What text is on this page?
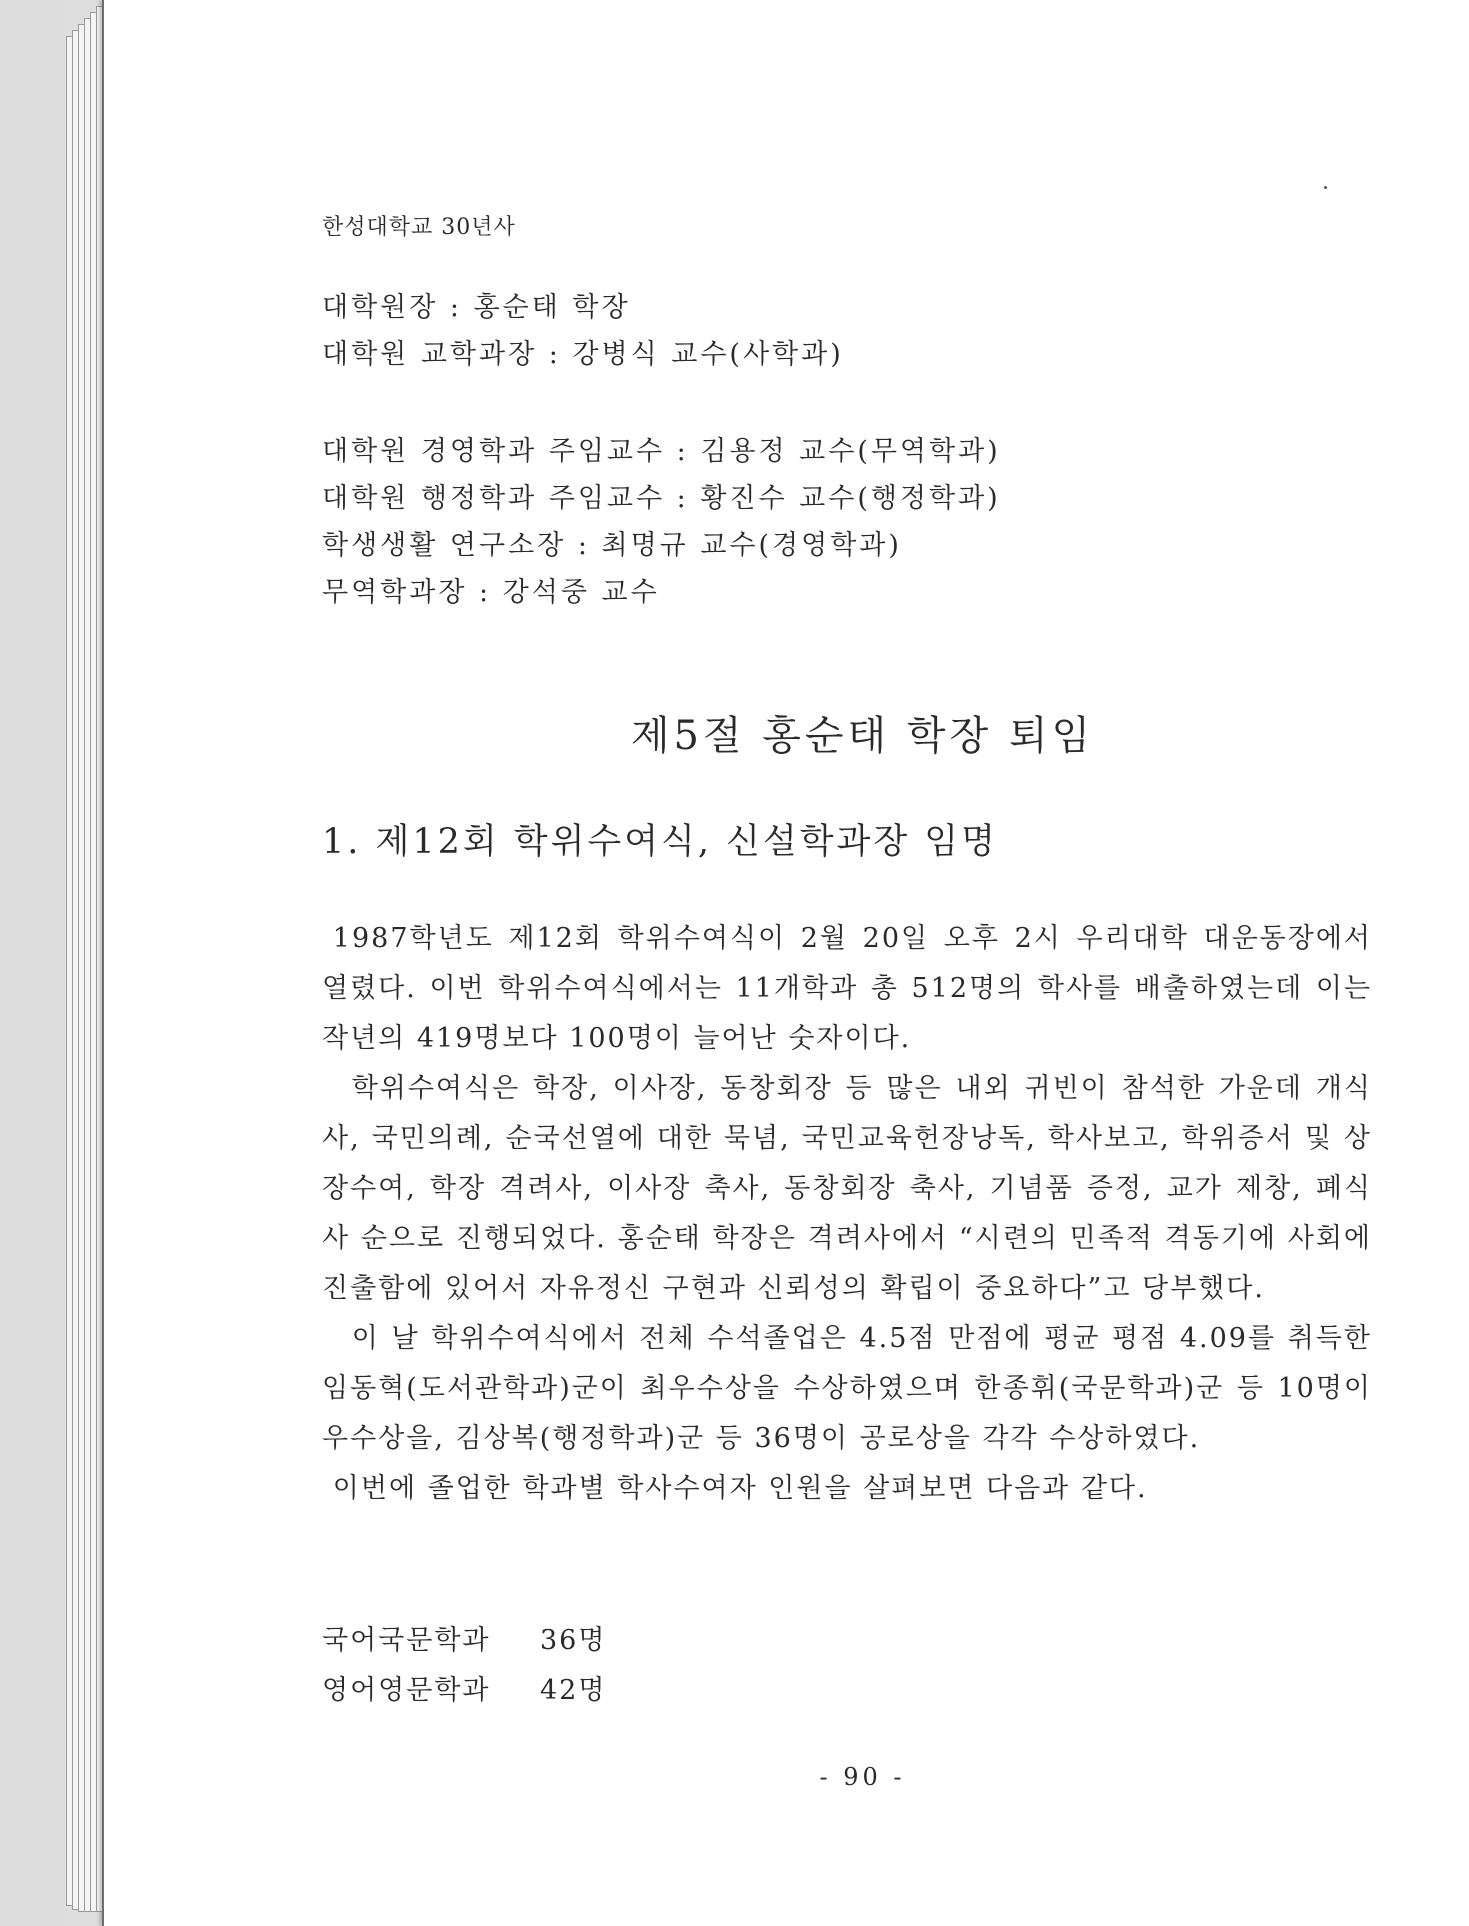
한성대학교 30년사
대학원장 : 홍순태 학장
대학원 교학과장 : 강병식 교수(사학과)
대학원 경영학과 주임교수 : 김용정 교수(무역학과)
대학원 행정학과 주임교수 : 황진수 교수(행정학과)
학생생활 연구소장 : 최명규 교수(경영학과)
무역학과장 : 강석중 교수
제5절 홍순태 학장 퇴임
1. 제12회 학위수여식, 신설학과장 임명

1987학년도 제12회 학위수여식이 2월 20일 오후 2시 우리대학 대운동장에서 열렸다. 이번 학위수여식에서는 11개학과 총 512명의 학사를 배출하였는데 이는 작년의 419명보다 100명이 늘어난 숫자이다.

학위수여식은 학장, 이사장, 동창회장 등 많은 내외 귀빈이 참석한 가운데 개식사, 국민의례, 순국선열에 대한 묵념, 국민교육헌장낭독, 학사보고, 학위증서 및 상장수여, 학장 격려사, 이사장 축사, 동창회장 축사, 기념품 증정, 교가 제창, 폐식사 순으로 진행되었다. 홍순태 학장은 격려사에서 “시련의 민족적 격동기에 사회에 진출함에 있어서 자유정신 구현과 신뢰성의 확립이 중요하다”고 당부했다.

이 날 학위수여식에서 전체 수석졸업은 4.5점 만점에 평균 평점 4.09를 취득한 임동혁(도서관학과)군이 최우수상을 수상하였으며 한종휘(국문학과)군 등 10명이 우수상을, 김상복(행정학과)군 등 36명이 공로상을 각각 수상하였다.

이번에 졸업한 학과별 학사수여자 인원을 살펴보면 다음과 같다.

국어국문학과	36명
영어영문학과	42명
- 90 -
